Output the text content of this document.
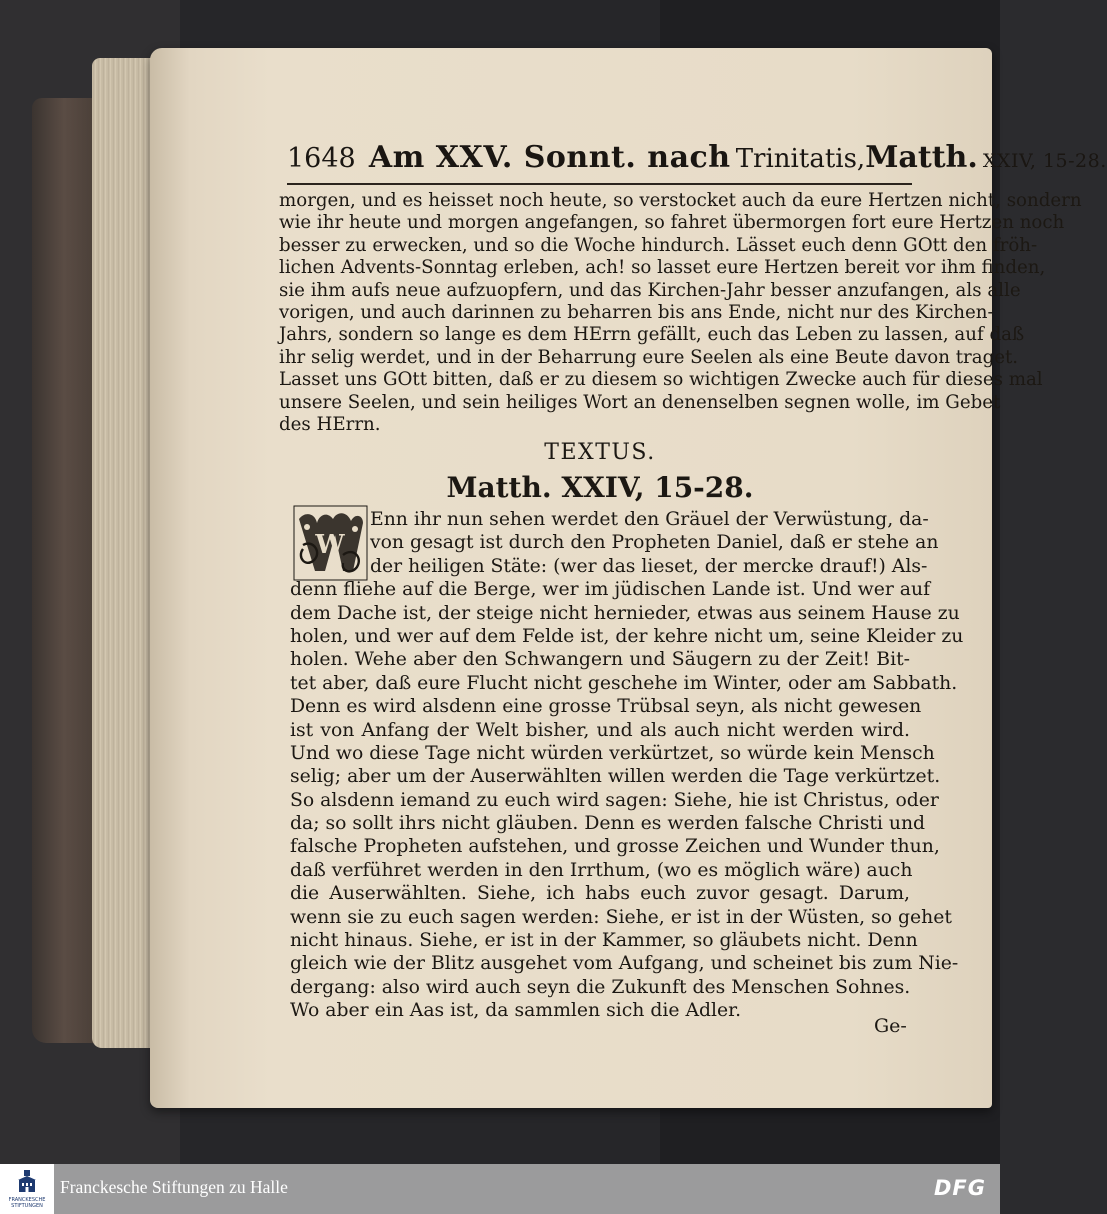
1648 Am XXV. Sonnt. nach Trinitatis,Matth. XXIV, 15-28.
morgen, und es heisset noch heute, so verstocket auch da eure Hertzen nicht, sondern
wie ihr heute und morgen angefangen, so fahret übermorgen fort eure Hertzen noch
besser zu erwecken, und so die Woche hindurch. Lässet euch denn GOtt den fröh-
lichen Advents-Sonntag erleben, ach! so lasset eure Hertzen bereit vor ihm finden,
sie ihm aufs neue aufzuopfern, und das Kirchen-Jahr besser anzufangen, als alle
vorigen, und auch darinnen zu beharren bis ans Ende, nicht nur des Kirchen-
Jahrs, sondern so lange es dem HErrn gefällt, euch das Leben zu lassen, auf daß
ihr selig werdet, und in der Beharrung eure Seelen als eine Beute davon traget.
Lasset uns GOtt bitten, daß er zu diesem so wichtigen Zwecke auch für dieses mal
unsere Seelen, und sein heiliges Wort an denenselben segnen wolle, im Gebet
des HErrn.
TEXTUS.
Matth. XXIV, 15-28.
W
Enn ihr nun sehen werdet den Gräuel der Verwüstung, da-
von gesagt ist durch den Propheten Daniel, daß er stehe an
der heiligen Stäte: (wer das lieset, der mercke drauf!) Als-
denn fliehe auf die Berge, wer im jüdischen Lande ist. Und wer auf
dem Dache ist, der steige nicht hernieder, etwas aus seinem Hause zu
holen, und wer auf dem Felde ist, der kehre nicht um, seine Kleider zu
holen. Wehe aber den Schwangern und Säugern zu der Zeit! Bit-
tet aber, daß eure Flucht nicht geschehe im Winter, oder am Sabbath.
Denn es wird alsdenn eine grosse Trübsal seyn, als nicht gewesen
ist von Anfang der Welt bisher, und als auch nicht werden wird.
Und wo diese Tage nicht würden verkürtzet, so würde kein Mensch
selig; aber um der Auserwählten willen werden die Tage verkürtzet.
So alsdenn iemand zu euch wird sagen: Siehe, hie ist Christus, oder
da; so sollt ihrs nicht gläuben. Denn es werden falsche Christi und
falsche Propheten aufstehen, und grosse Zeichen und Wunder thun,
daß verführet werden in den Irrthum, (wo es möglich wäre) auch
die Auserwählten. Siehe, ich habs euch zuvor gesagt. Darum,
wenn sie zu euch sagen werden: Siehe, er ist in der Wüsten, so gehet
nicht hinaus. Siehe, er ist in der Kammer, so gläubets nicht. Denn
gleich wie der Blitz ausgehet vom Aufgang, und scheinet bis zum Nie-
dergang: also wird auch seyn die Zukunft des Menschen Sohnes.
Wo aber ein Aas ist, da sammlen sich die Adler.
Ge-
FRANCKESCHE STIFTUNGEN
Franckesche Stiftungen zu Halle	DFG
